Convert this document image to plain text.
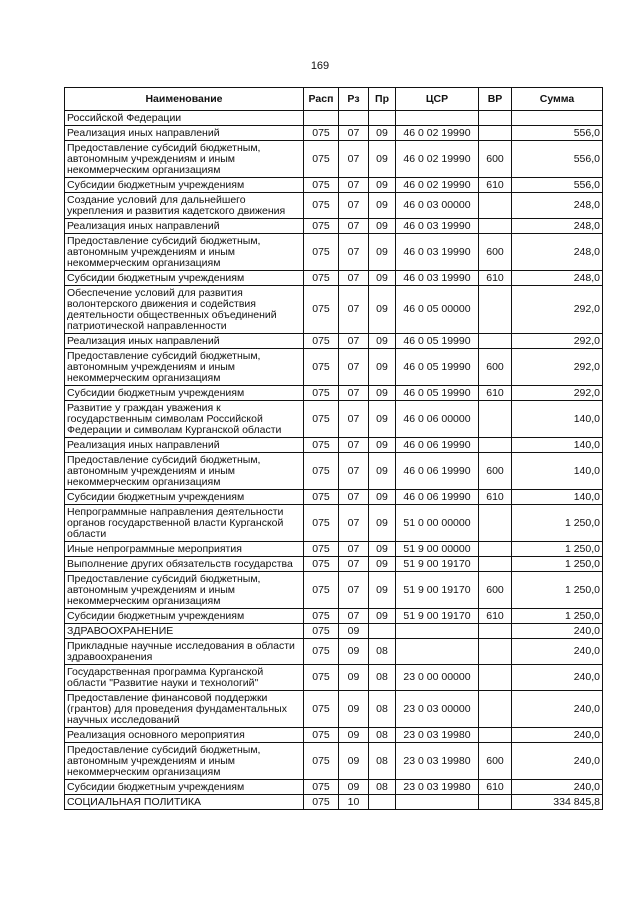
169
Наименование	Расп	Рз	Пр	ЦСР	ВР	Сумма
Российской Федерации						
Реализация иных направлений	075	07	09	46 0 02 19990		556,0
Предоставление субсидий бюджетным, автономным учреждениям и иным некоммерческим организациям	075	07	09	46 0 02 19990	600	556,0
Субсидии бюджетным учреждениям	075	07	09	46 0 02 19990	610	556,0
Создание условий для дальнейшего укрепления и развития кадетского движения	075	07	09	46 0 03 00000		248,0
Реализация иных направлений	075	07	09	46 0 03 19990		248,0
Предоставление субсидий бюджетным, автономным учреждениям и иным некоммерческим организациям	075	07	09	46 0 03 19990	600	248,0
Субсидии бюджетным учреждениям	075	07	09	46 0 03 19990	610	248,0
Обеспечение условий для развития волонтерского движения и содействия деятельности общественных объединений патриотической направленности	075	07	09	46 0 05 00000		292,0
Реализация иных направлений	075	07	09	46 0 05 19990		292,0
Предоставление субсидий бюджетным, автономным учреждениям и иным некоммерческим организациям	075	07	09	46 0 05 19990	600	292,0
Субсидии бюджетным учреждениям	075	07	09	46 0 05 19990	610	292,0
Развитие у граждан уважения к государственным символам Российской Федерации и символам Курганской области	075	07	09	46 0 06 00000		140,0
Реализация иных направлений	075	07	09	46 0 06 19990		140,0
Предоставление субсидий бюджетным, автономным учреждениям и иным некоммерческим организациям	075	07	09	46 0 06 19990	600	140,0
Субсидии бюджетным учреждениям	075	07	09	46 0 06 19990	610	140,0
Непрограммные направления деятельности органов государственной власти Курганской области	075	07	09	51 0 00 00000		1 250,0
Иные непрограммные мероприятия	075	07	09	51 9 00 00000		1 250,0
Выполнение других обязательств государства	075	07	09	51 9 00 19170		1 250,0
Предоставление субсидий бюджетным, автономным учреждениям и иным некоммерческим организациям	075	07	09	51 9 00 19170	600	1 250,0
Субсидии бюджетным учреждениям	075	07	09	51 9 00 19170	610	1 250,0
ЗДРАВООХРАНЕНИЕ	075	09				240,0
Прикладные научные исследования в области здравоохранения	075	09	08			240,0
Государственная программа Курганской области "Развитие науки и технологий"	075	09	08	23 0 00 00000		240,0
Предоставление финансовой поддержки (грантов) для проведения фундаментальных научных исследований	075	09	08	23 0 03 00000		240,0
Реализация основного мероприятия	075	09	08	23 0 03 19980		240,0
Предоставление субсидий бюджетным, автономным учреждениям и иным некоммерческим организациям	075	09	08	23 0 03 19980	600	240,0
Субсидии бюджетным учреждениям	075	09	08	23 0 03 19980	610	240,0
СОЦИАЛЬНАЯ ПОЛИТИКА	075	10				334 845,8
